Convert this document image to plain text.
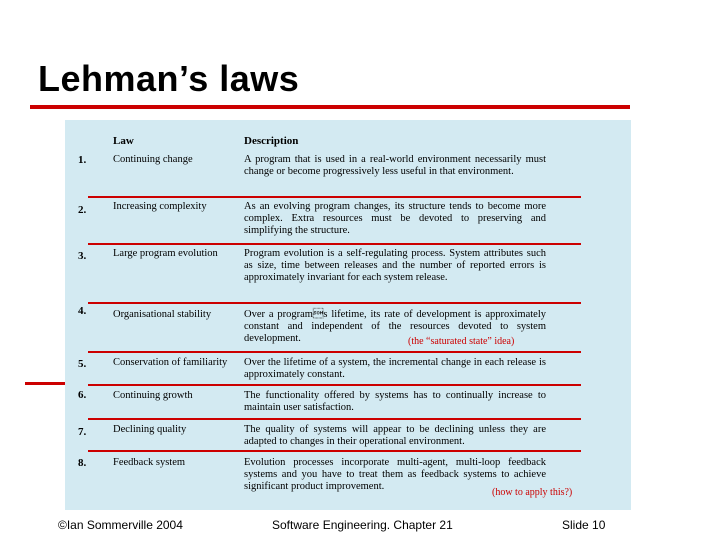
Lehman’s laws
Law	Description
1.	Continuing change	A program that is used in a real-world environment necessarily must change or become progressively less useful in that environment.
2.	Increasing complexity	As an evolving program changes, its structure tends to become more complex. Extra resources must be devoted to preserving and simplifying the structure.
3.	Large program evolution	Program evolution is a self-regulating process. System attributes such as size, time between releases and the number of reported errors is approximately invariant for each system release.
4.	Organisational stability	Over a programs lifetime, its rate of development is approximately constant and independent of the resources devoted to system development.	(the “saturated state” idea)
5.	Conservation of familiarity	Over the lifetime of a system, the incremental change in each release is approximately constant.
6.	Continuing growth	The functionality offered by systems has to continually increase to maintain user satisfaction.
7.	Declining quality	The quality of systems will appear to be declining unless they are adapted to changes in their operational environment.
8.	Feedback system	Evolution processes incorporate multi-agent, multi-loop feedback systems and you have to treat them as feedback systems to achieve significant product improvement.
(how to apply this?)
©Ian Sommerville 2004	Software Engineering. Chapter 21	Slide 10
